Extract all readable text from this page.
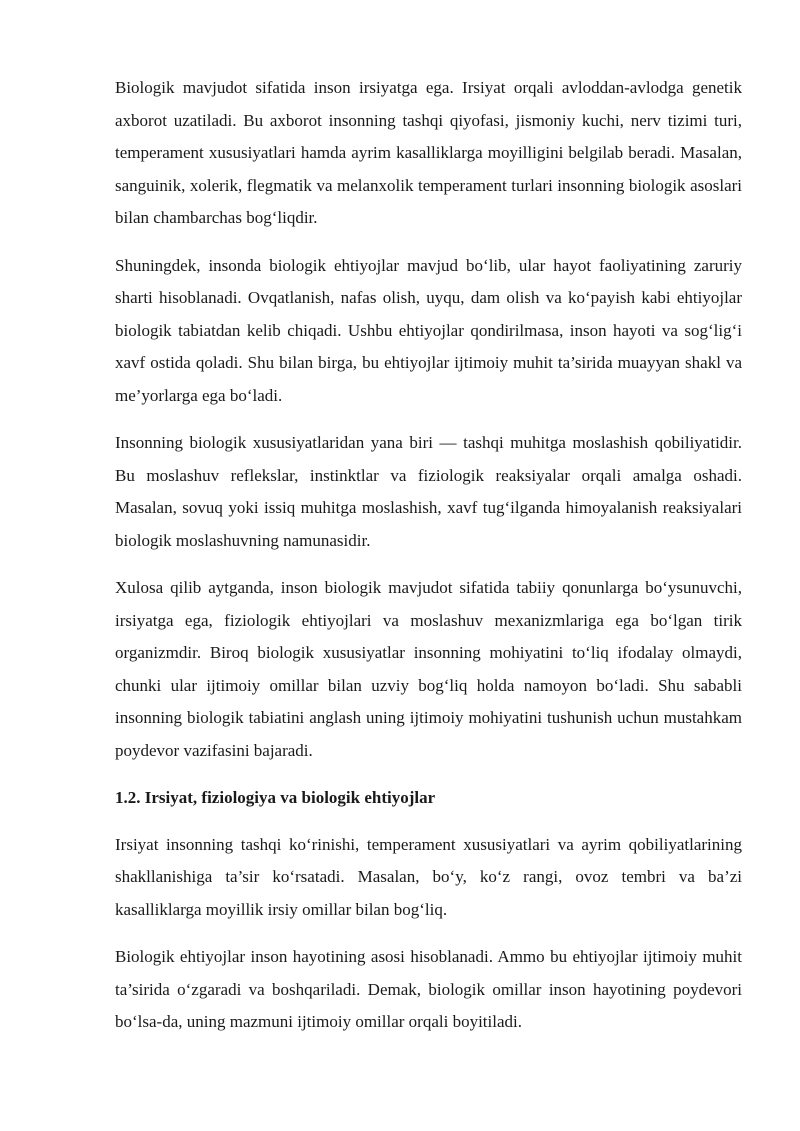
Biologik mavjudot sifatida inson irsiyatga ega. Irsiyat orqali avloddan-avlodga genetik axborot uzatiladi. Bu axborot insonning tashqi qiyofasi, jismoniy kuchi, nerv tizimi turi, temperament xususiyatlari hamda ayrim kasalliklarga moyilligini belgilab beradi. Masalan, sanguinik, xolerik, flegmatik va melanxolik temperament turlari insonning biologik asoslari bilan chambarchas bog‘liqdir.

Shuningdek, insonda biologik ehtiyojlar mavjud bo‘lib, ular hayot faoliyatining zaruriy sharti hisoblanadi. Ovqatlanish, nafas olish, uyqu, dam olish va ko‘payish kabi ehtiyojlar biologik tabiatdan kelib chiqadi. Ushbu ehtiyojlar qondirilmasa, inson hayoti va sog‘lig‘i xavf ostida qoladi. Shu bilan birga, bu ehtiyojlar ijtimoiy muhit ta’sirida muayyan shakl va me’yorlarga ega bo‘ladi.

Insonning biologik xususiyatlaridan yana biri — tashqi muhitga moslashish qobiliyatidir. Bu moslashuv reflekslar, instinktlar va fiziologik reaksiyalar orqali amalga oshadi. Masalan, sovuq yoki issiq muhitga moslashish, xavf tug‘ilganda himoyalanish reaksiyalari biologik moslashuvning namunasidir.

Xulosa qilib aytganda, inson biologik mavjudot sifatida tabiiy qonunlarga bo‘ysunuvchi, irsiyatga ega, fiziologik ehtiyojlari va moslashuv mexanizmlariga ega bo‘lgan tirik organizmdir. Biroq biologik xususiyatlar insonning mohiyatini to‘liq ifodalay olmaydi, chunki ular ijtimoiy omillar bilan uzviy bog‘liq holda namoyon bo‘ladi. Shu sababli insonning biologik tabiatini anglash uning ijtimoiy mohiyatini tushunish uchun mustahkam poydevor vazifasini bajaradi.

1.2. Irsiyat, fiziologiya va biologik ehtiyojlar

Irsiyat insonning tashqi ko‘rinishi, temperament xususiyatlari va ayrim qobiliyatlarining shakllanishiga ta’sir ko‘rsatadi. Masalan, bo‘y, ko‘z rangi, ovoz tembri va ba’zi kasalliklarga moyillik irsiy omillar bilan bog‘liq.

Biologik ehtiyojlar inson hayotining asosi hisoblanadi. Ammo bu ehtiyojlar ijtimoiy muhit ta’sirida o‘zgaradi va boshqariladi. Demak, biologik omillar inson hayotining poydevori bo‘lsa-da, uning mazmuni ijtimoiy omillar orqali boyitiladi.
